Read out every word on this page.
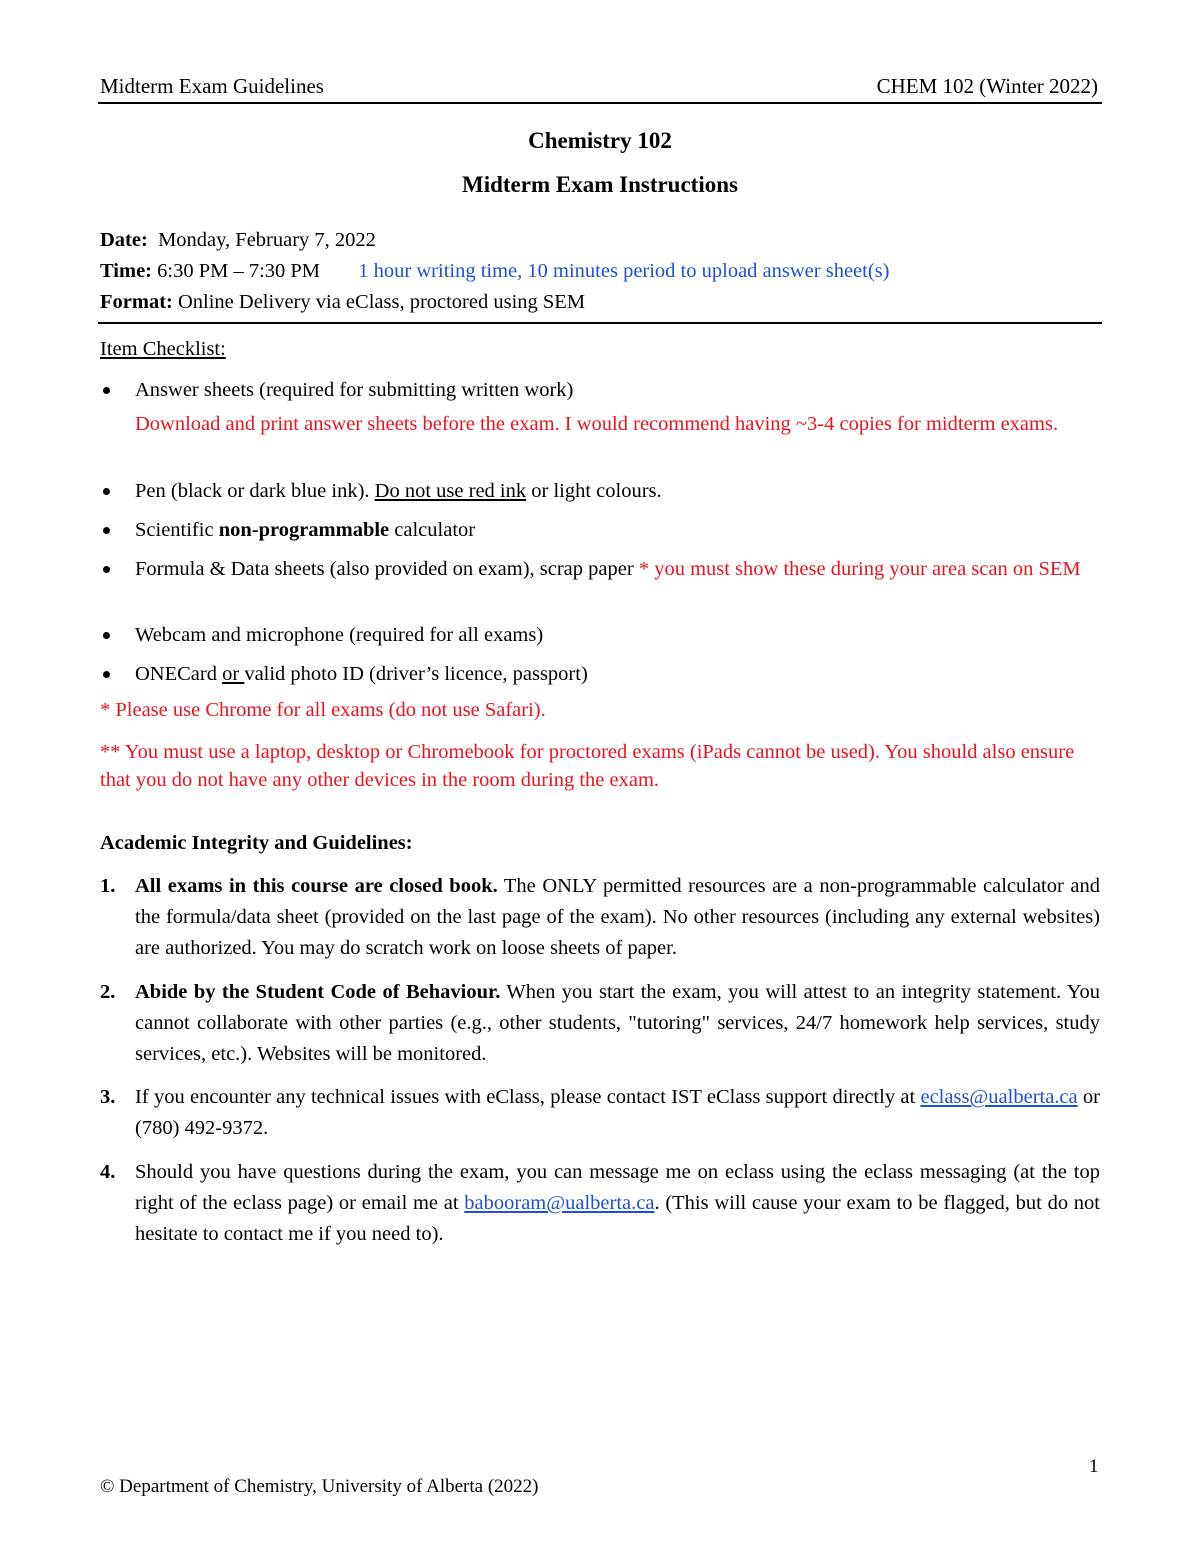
Midterm Exam Guidelines	CHEM 102 (Winter 2022)
Chemistry 102
Midterm Exam Instructions
Date: Monday, February 7, 2022
Time: 6:30 PM – 7:30 PM 1 hour writing time, 10 minutes period to upload answer sheet(s)
Format: Online Delivery via eClass, proctored using SEM
Item Checklist:
Answer sheets (required for submitting written work)
Download and print answer sheets before the exam. I would recommend having ~3-4 copies for midterm exams.
Pen (black or dark blue ink). Do not use red ink or light colours.
Scientific non-programmable calculator
Formula & Data sheets (also provided on exam), scrap paper * you must show these during your area scan on SEM
Webcam and microphone (required for all exams)
ONECard or valid photo ID (driver’s licence, passport)
* Please use Chrome for all exams (do not use Safari).
** You must use a laptop, desktop or Chromebook for proctored exams (iPads cannot be used). You should also ensure that you do not have any other devices in the room during the exam.
Academic Integrity and Guidelines:
1. All exams in this course are closed book. The ONLY permitted resources are a non-programmable calculator and the formula/data sheet (provided on the last page of the exam). No other resources (including any external websites) are authorized. You may do scratch work on loose sheets of paper.
2. Abide by the Student Code of Behaviour. When you start the exam, you will attest to an integrity statement. You cannot collaborate with other parties (e.g., other students, "tutoring" services, 24/7 homework help services, study services, etc.). Websites will be monitored.
3. If you encounter any technical issues with eClass, please contact IST eClass support directly at eclass@ualberta.ca or (780) 492-9372.
4. Should you have questions during the exam, you can message me on eclass using the eclass messaging (at the top right of the eclass page) or email me at babooram@ualberta.ca. (This will cause your exam to be flagged, but do not hesitate to contact me if you need to).
1
© Department of Chemistry, University of Alberta (2022)
